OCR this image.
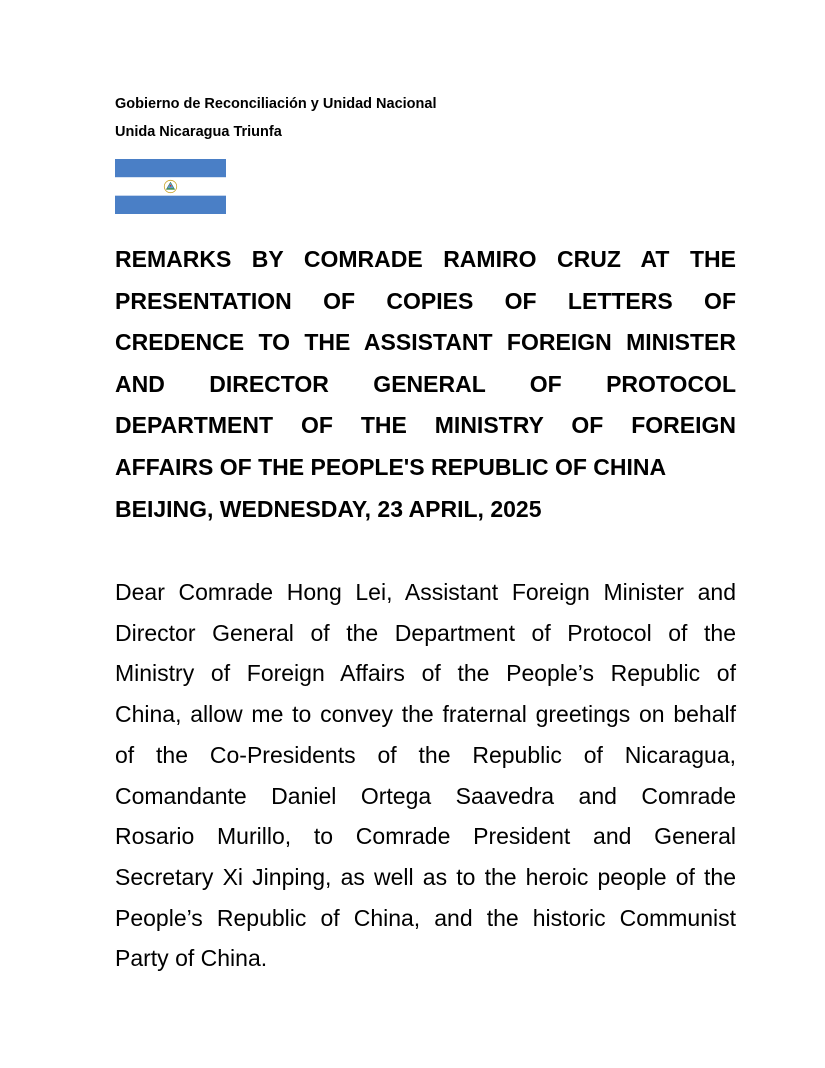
Gobierno de Reconciliación y Unidad Nacional
Unida Nicaragua Triunfa
REMARKS BY COMRADE RAMIRO CRUZ AT THE
PRESENTATION OF COPIES OF LETTERS OF
CREDENCE TO THE ASSISTANT FOREIGN MINISTER
AND DIRECTOR GENERAL OF PROTOCOL
DEPARTMENT OF THE MINISTRY OF FOREIGN
AFFAIRS OF THE PEOPLE'S REPUBLIC OF CHINA
BEIJING, WEDNESDAY, 23 APRIL, 2025
Dear Comrade Hong Lei, Assistant Foreign Minister and
Director General of the Department of Protocol of the
Ministry of Foreign Affairs of the People’s Republic of
China, allow me to convey the fraternal greetings on behalf
of the Co-Presidents of the Republic of Nicaragua,
Comandante Daniel Ortega Saavedra and Comrade
Rosario Murillo, to Comrade President and General
Secretary Xi Jinping, as well as to the heroic people of the
People’s Republic of China, and the historic Communist
Party of China.
